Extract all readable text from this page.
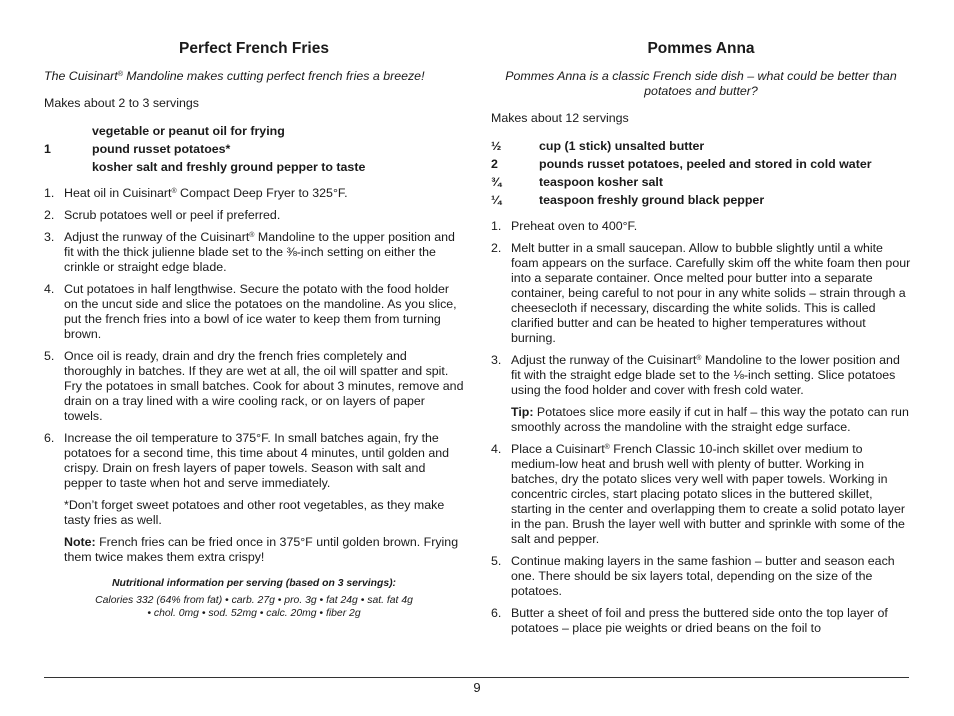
Perfect French Fries
The Cuisinart® Mandoline makes cutting perfect french fries a breeze!
Makes about 2 to 3 servings
	vegetable or peanut oil for frying
1	pound russet potatoes*
	kosher salt and freshly ground pepper to taste
1. Heat oil in Cuisinart® Compact Deep Fryer to 325°F.
2. Scrub potatoes well or peel if preferred.
3. Adjust the runway of the Cuisinart® Mandoline to the upper position and fit with the thick julienne blade set to the ⅜-inch setting on either the crinkle or straight edge blade.
4. Cut potatoes in half lengthwise. Secure the potato with the food holder on the uncut side and slice the potatoes on the mandoline. As you slice, put the french fries into a bowl of ice water to keep them from turning brown.
5. Once oil is ready, drain and dry the french fries completely and thoroughly in batches. If they are wet at all, the oil will spatter and spit. Fry the potatoes in small batches. Cook for about 3 minutes, remove and drain on a tray lined with a wire cooling rack, or on layers of paper towels.
6. Increase the oil temperature to 375°F. In small batches again, fry the potatoes for a second time, this time about 4 minutes, until golden and crispy. Drain on fresh layers of paper towels. Season with salt and pepper to taste when hot and serve immediately.
*Don’t forget sweet potatoes and other root vegetables, as they make tasty fries as well.
Note: French fries can be fried once in 375°F until golden brown. Frying them twice makes them extra crispy!
Nutritional information per serving (based on 3 servings):
Calories 332 (64% from fat) • carb. 27g • pro. 3g • fat 24g • sat. fat 4g
• chol. 0mg • sod. 52mg • calc. 20mg • fiber 2g
Pommes Anna
Pommes Anna is a classic French side dish – what could be better than potatoes and butter?
Makes about 12 servings
½	cup (1 stick) unsalted butter
2	pounds russet potatoes, peeled and stored in cold water
¾	teaspoon kosher salt
¼	teaspoon freshly ground black pepper
1. Preheat oven to 400°F.
2. Melt butter in a small saucepan. Allow to bubble slightly until a white foam appears on the surface. Carefully skim off the white foam then pour into a separate container. Once melted pour butter into a separate container, being careful to not pour in any white solids – strain through a cheesecloth if necessary, discarding the white solids. This is called clarified butter and can be heated to higher temperatures without burning.
3. Adjust the runway of the Cuisinart® Mandoline to the lower position and fit with the straight edge blade set to the ⅛-inch setting. Slice potatoes using the food holder and cover with fresh cold water.
Tip: Potatoes slice more easily if cut in half – this way the potato can run smoothly across the mandoline with the straight edge surface.
4. Place a Cuisinart® French Classic 10-inch skillet over medium to medium-low heat and brush well with plenty of butter. Working in batches, dry the potato slices very well with paper towels. Working in concentric circles, start placing potato slices in the buttered skillet, starting in the center and overlapping them to create a solid potato layer in the pan. Brush the layer well with butter and sprinkle with some of the salt and pepper.
5. Continue making layers in the same fashion – butter and season each one. There should be six layers total, depending on the size of the potatoes.
6. Butter a sheet of foil and press the buttered side onto the top layer of potatoes – place pie weights or dried beans on the foil to
9
